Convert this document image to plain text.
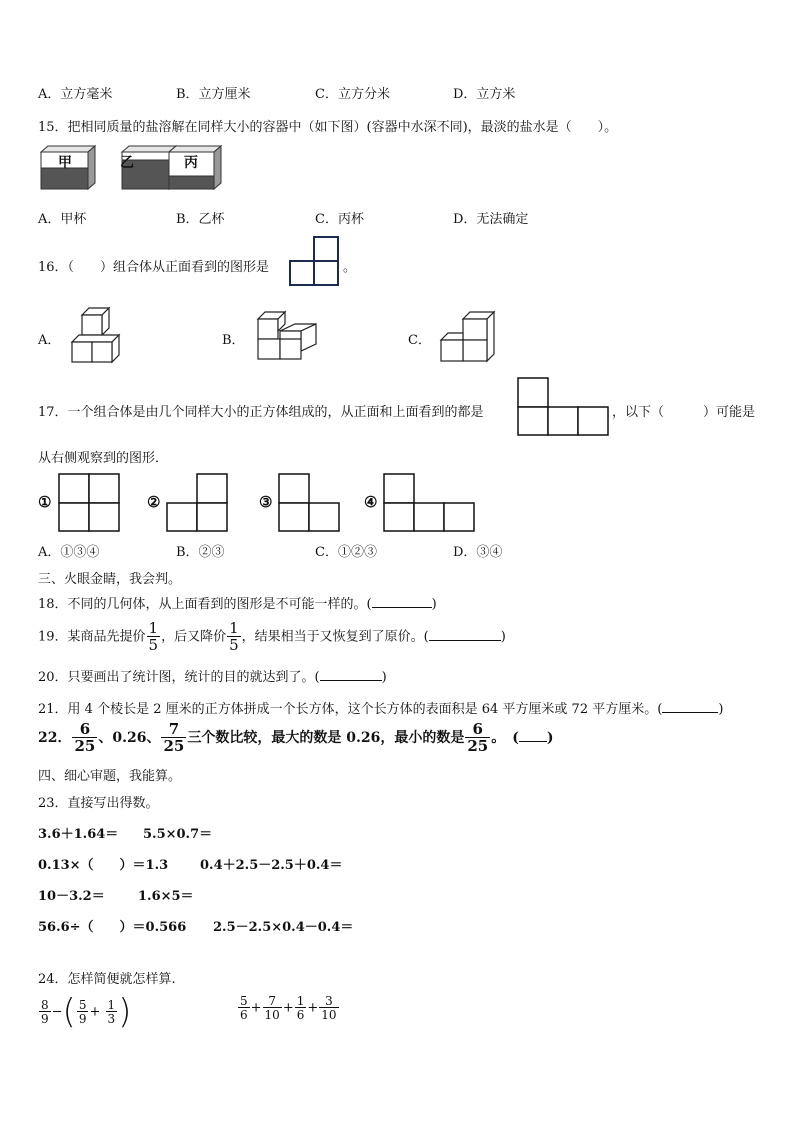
A．立方毫米	B．立方厘米	C．立方分米	D．立方米
15．把相同质量的盐溶解在同样大小的容器中（如下图）(容器中水深不同)，最淡的盐水是（　　）。
甲	乙	丙
A．甲杯	B．乙杯	C．丙杯	D．无法确定
16．（　　）组合体从正面看到的图形是	。
A．	B．	C．
17．一个组合体是由几个同样大小的正方体组成的，从正面和上面看到的都是	，以下（　　　）可能是
从右侧观察到的图形．
①	②	③	④
A．①③④	B．②③	C．①②③	D．③④
三、火眼金睛，我会判。
18．不同的几何体，从上面看到的图形是不可能一样的。(	)
19．某商品先提价 $\frac{1}{5}$ ，后又降价 $\frac{1}{5}$ ，结果相当于又恢复到了原价。(	)
20．只要画出了统计图，统计的目的就达到了。(	)
21．用 4 个棱长是 2 厘米的正方体拼成一个长方体，这个长方体的表面积是 64 平方厘米或 72 平方厘米。(	)
22． $\frac{6}{25}$ 、0.26、 $\frac{7}{25}$ 三个数比较，最大的数是 0.26，最小的数是 $\frac{6}{25}$ 。　( )
四、细心审题，我能算。
23．直接写出得数。
3.6＋1.64＝ 5.5×0.7＝
0.13×（　　）＝1.3 0.4＋2.5－2.5＋0.4＝
10－3.2＝	1.6×5＝
56.6÷（　　）＝0.566 2.5－2.5×0.4－0.4＝
24．怎样简便就怎样算.
$\frac{8}{9}$ −( $\frac{5}{9} + \frac{1}{3}$ )	$\frac{5}{6} + \frac{7}{10} + \frac{1}{6} + \frac{3}{10}$
